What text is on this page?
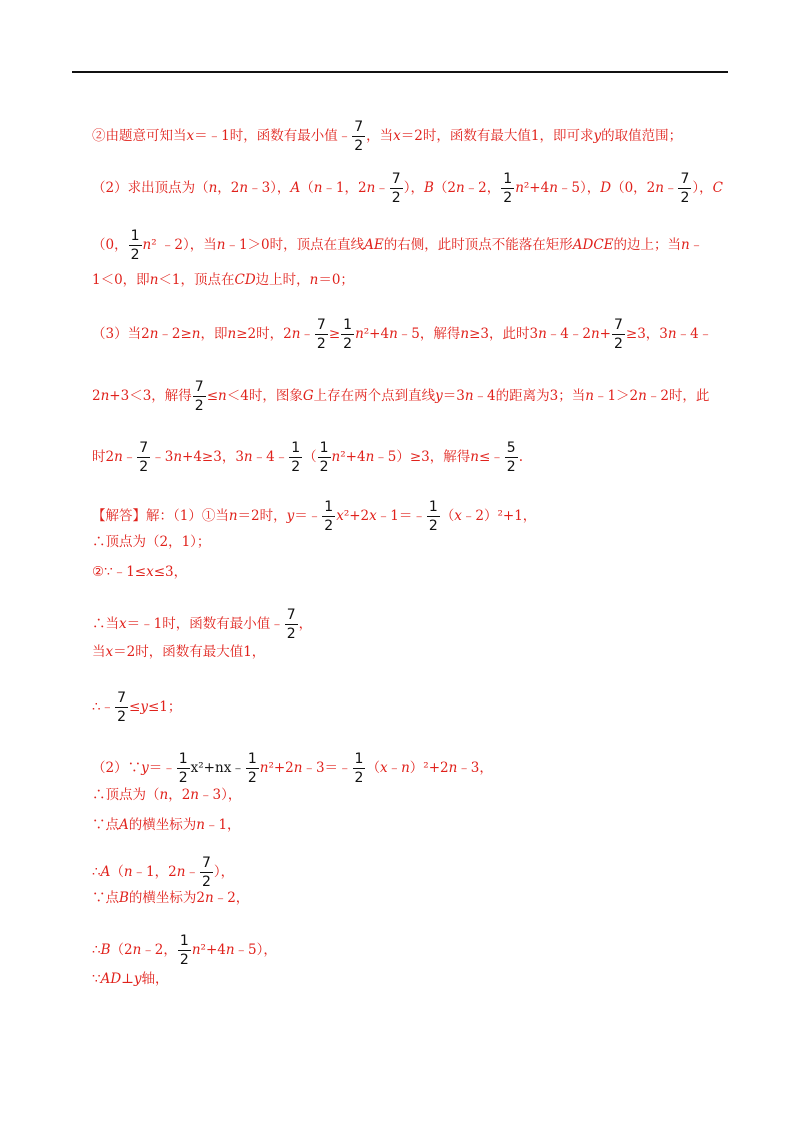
②由题意可知当x＝﹣1时，函数有最小值﹣ $\frac{7}{2}$ ，当x＝2时，函数有最大值1，即可求y的取值范围；
（2）求出顶点为（n，2n﹣3），A（n﹣1，2n﹣ $\frac{7}{2}$ ），B（2n﹣2， $\frac{1}{2}$ n²+4n﹣5），D（0，2n﹣ $\frac{7}{2}$ ），C
（0， $\frac{1}{2} n^2$ ﹣2），当n﹣1＞0时，顶点在直线AE的右侧，此时顶点不能落在矩形ADCE的边上；当n﹣
1＜0，即n＜1，顶点在CD边上时，n＝0；
（3）当2n﹣2≥n，即n≥2时，2n﹣ $\frac{7}{2} \ge \frac{1}{2}$ n²+4n﹣5，解得n≥3，此时3n﹣4﹣2n+ $\frac{7}{2} \ge 3$，3n﹣4﹣
2n+3＜3，解得 $\frac{7}{2} \le n<4$时，图象G上存在两个点到直线y＝3n﹣4的距离为3；当n﹣1＞2n﹣2时，此
时2n﹣ $\frac{7}{2}$ ﹣3n+4≥3，3n﹣4﹣ $\frac{1}{2}$ （ $\frac{1}{2}$ n²+4n﹣5）≥3，解得n≤﹣ $\frac{5}{2}$ .
【解答】解：（1）①当n＝2时，y＝﹣ $\frac{1}{2}$ x²+2x﹣1＝﹣ $\frac{1}{2}$ （x﹣2）²+1，
∴顶点为（2，1）；
②∵﹣1≤x≤3，
∴当x＝﹣1时，函数有最小值﹣ $\frac{7}{2}$ ，
当x＝2时，函数有最大值1，
∴﹣ $\frac{7}{2} \le y\le 1$；
（2）∵y＝﹣ $\frac{1}{2}$ x²+nx﹣ $\frac{1}{2}$ n²+2n﹣3＝﹣ $\frac{1}{2}$ （x﹣n）²+2n﹣3，
∴顶点为（n，2n﹣3），
∵点A的横坐标为n﹣1，
∴A（n﹣1，2n﹣ $\frac{7}{2}$ ），
∵点B的横坐标为2n﹣2，
∴B（2n﹣2， $\frac{1}{2}$ n²+4n﹣5），
∵AD⊥y轴，
